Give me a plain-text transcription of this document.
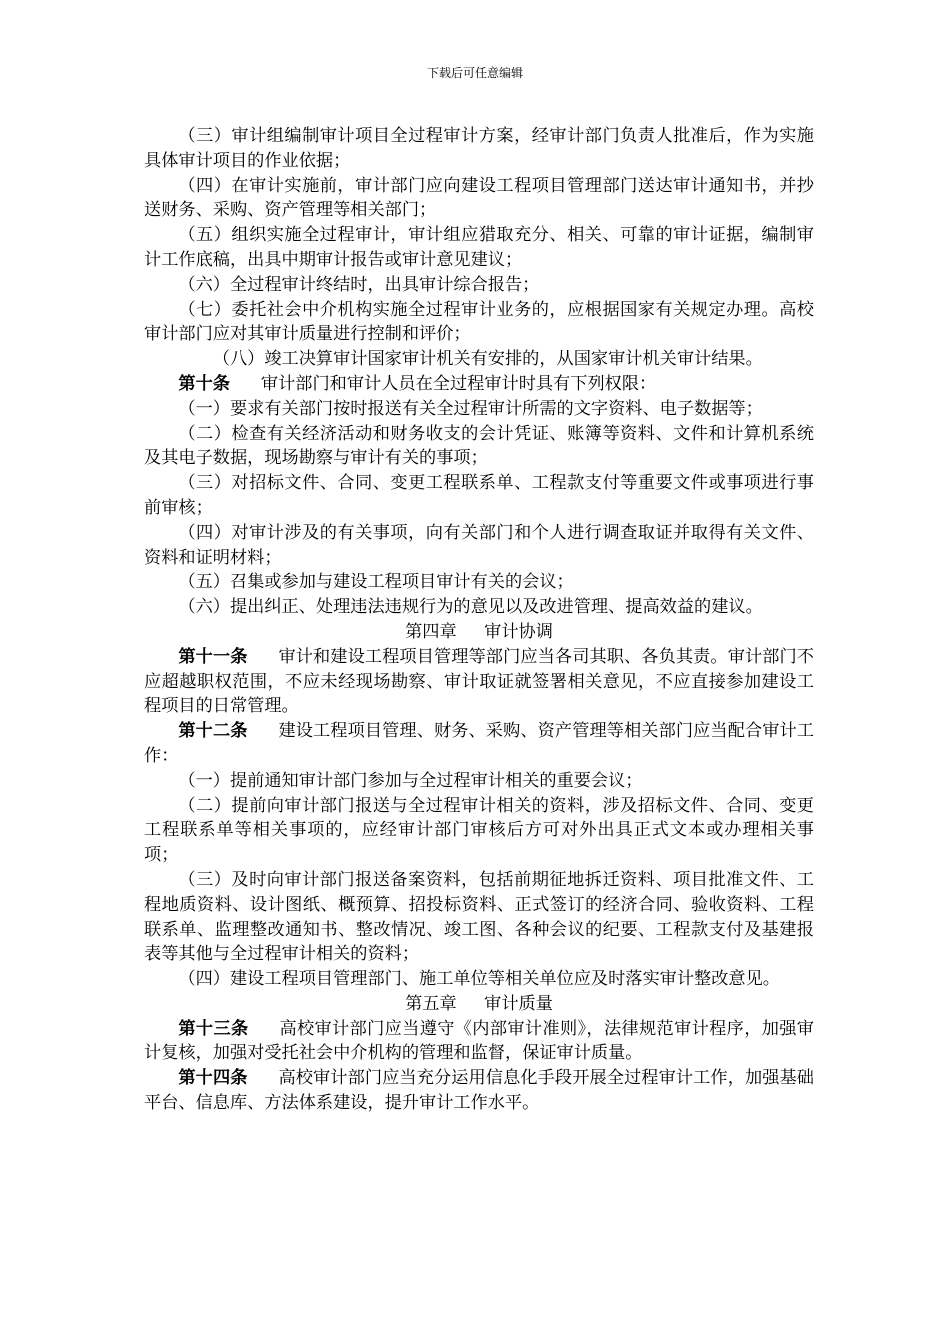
下载后可任意编辑
（三）审计组编制审计项目全过程审计方案，经审计部门负责人批准后，作为实施具体审计项目的作业依据；
（四）在审计实施前，审计部门应向建设工程项目管理部门送达审计通知书，并抄送财务、采购、资产管理等相关部门；
（五）组织实施全过程审计，审计组应猎取充分、相关、可靠的审计证据，编制审计工作底稿，出具中期审计报告或审计意见建议；
（六）全过程审计终结时，出具审计综合报告；
（七）委托社会中介机构实施全过程审计业务的，应根据国家有关规定办理。高校审计部门应对其审计质量进行控制和评价；
（八）竣工决算审计国家审计机关有安排的，从国家审计机关审计结果。
第十条 审计部门和审计人员在全过程审计时具有下列权限：
（一）要求有关部门按时报送有关全过程审计所需的文字资料、电子数据等；
（二）检查有关经济活动和财务收支的会计凭证、账簿等资料、文件和计算机系统及其电子数据，现场勘察与审计有关的事项；
（三）对招标文件、合同、变更工程联系单、工程款支付等重要文件或事项进行事前审核；
（四）对审计涉及的有关事项，向有关部门和个人进行调查取证并取得有关文件、资料和证明材料；
（五）召集或参加与建设工程项目审计有关的会议；
（六）提出纠正、处理违法违规行为的意见以及改进管理、提高效益的建议。
第四章 审计协调
第十一条 审计和建设工程项目管理等部门应当各司其职、各负其责。审计部门不应超越职权范围，不应未经现场勘察、审计取证就签署相关意见，不应直接参加建设工程项目的日常管理。
第十二条 建设工程项目管理、财务、采购、资产管理等相关部门应当配合审计工作：
（一）提前通知审计部门参加与全过程审计相关的重要会议；
（二）提前向审计部门报送与全过程审计相关的资料，涉及招标文件、合同、变更工程联系单等相关事项的，应经审计部门审核后方可对外出具正式文本或办理相关事项；
（三）及时向审计部门报送备案资料，包括前期征地拆迁资料、项目批准文件、工程地质资料、设计图纸、概预算、招投标资料、正式签订的经济合同、验收资料、工程联系单、监理整改通知书、整改情况、竣工图、各种会议的纪要、工程款支付及基建报表等其他与全过程审计相关的资料；
（四）建设工程项目管理部门、施工单位等相关单位应及时落实审计整改意见。
第五章 审计质量
第十三条 高校审计部门应当遵守《内部审计准则》，法律规范审计程序，加强审计复核，加强对受托社会中介机构的管理和监督，保证审计质量。
第十四条 高校审计部门应当充分运用信息化手段开展全过程审计工作，加强基础平台、信息库、方法体系建设，提升审计工作水平。
